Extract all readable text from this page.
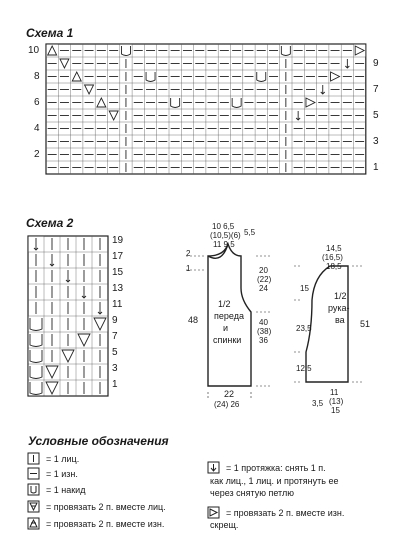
Схема 1
10
8
6
4
2
9
7
5
3
1
Схема 2
19
17
15
13
11
9
7
5
3
1
1/2
переда
и
спинки
10 6,5
(10,5)(6)
11 9,5
5,5
2
1
48
20
(22)
24
40
(38)
36
22
(24) 26
1/2
рука-
ва
14,5
(16,5)
18,5
15
23,5
12,5
51
11
(13)
15
3,5
Условные обозначения
= 1 лиц.
= 1 изн.
= 1 накид
= провязать 2 п. вместе лиц.
= провязать 2 п. вместе изн.
= 1 протяжка: снять 1 п.
как лиц., 1 лиц. и протянуть ее
через снятую петлю
= провязать 2 п. вместе изн.
скрещ.
